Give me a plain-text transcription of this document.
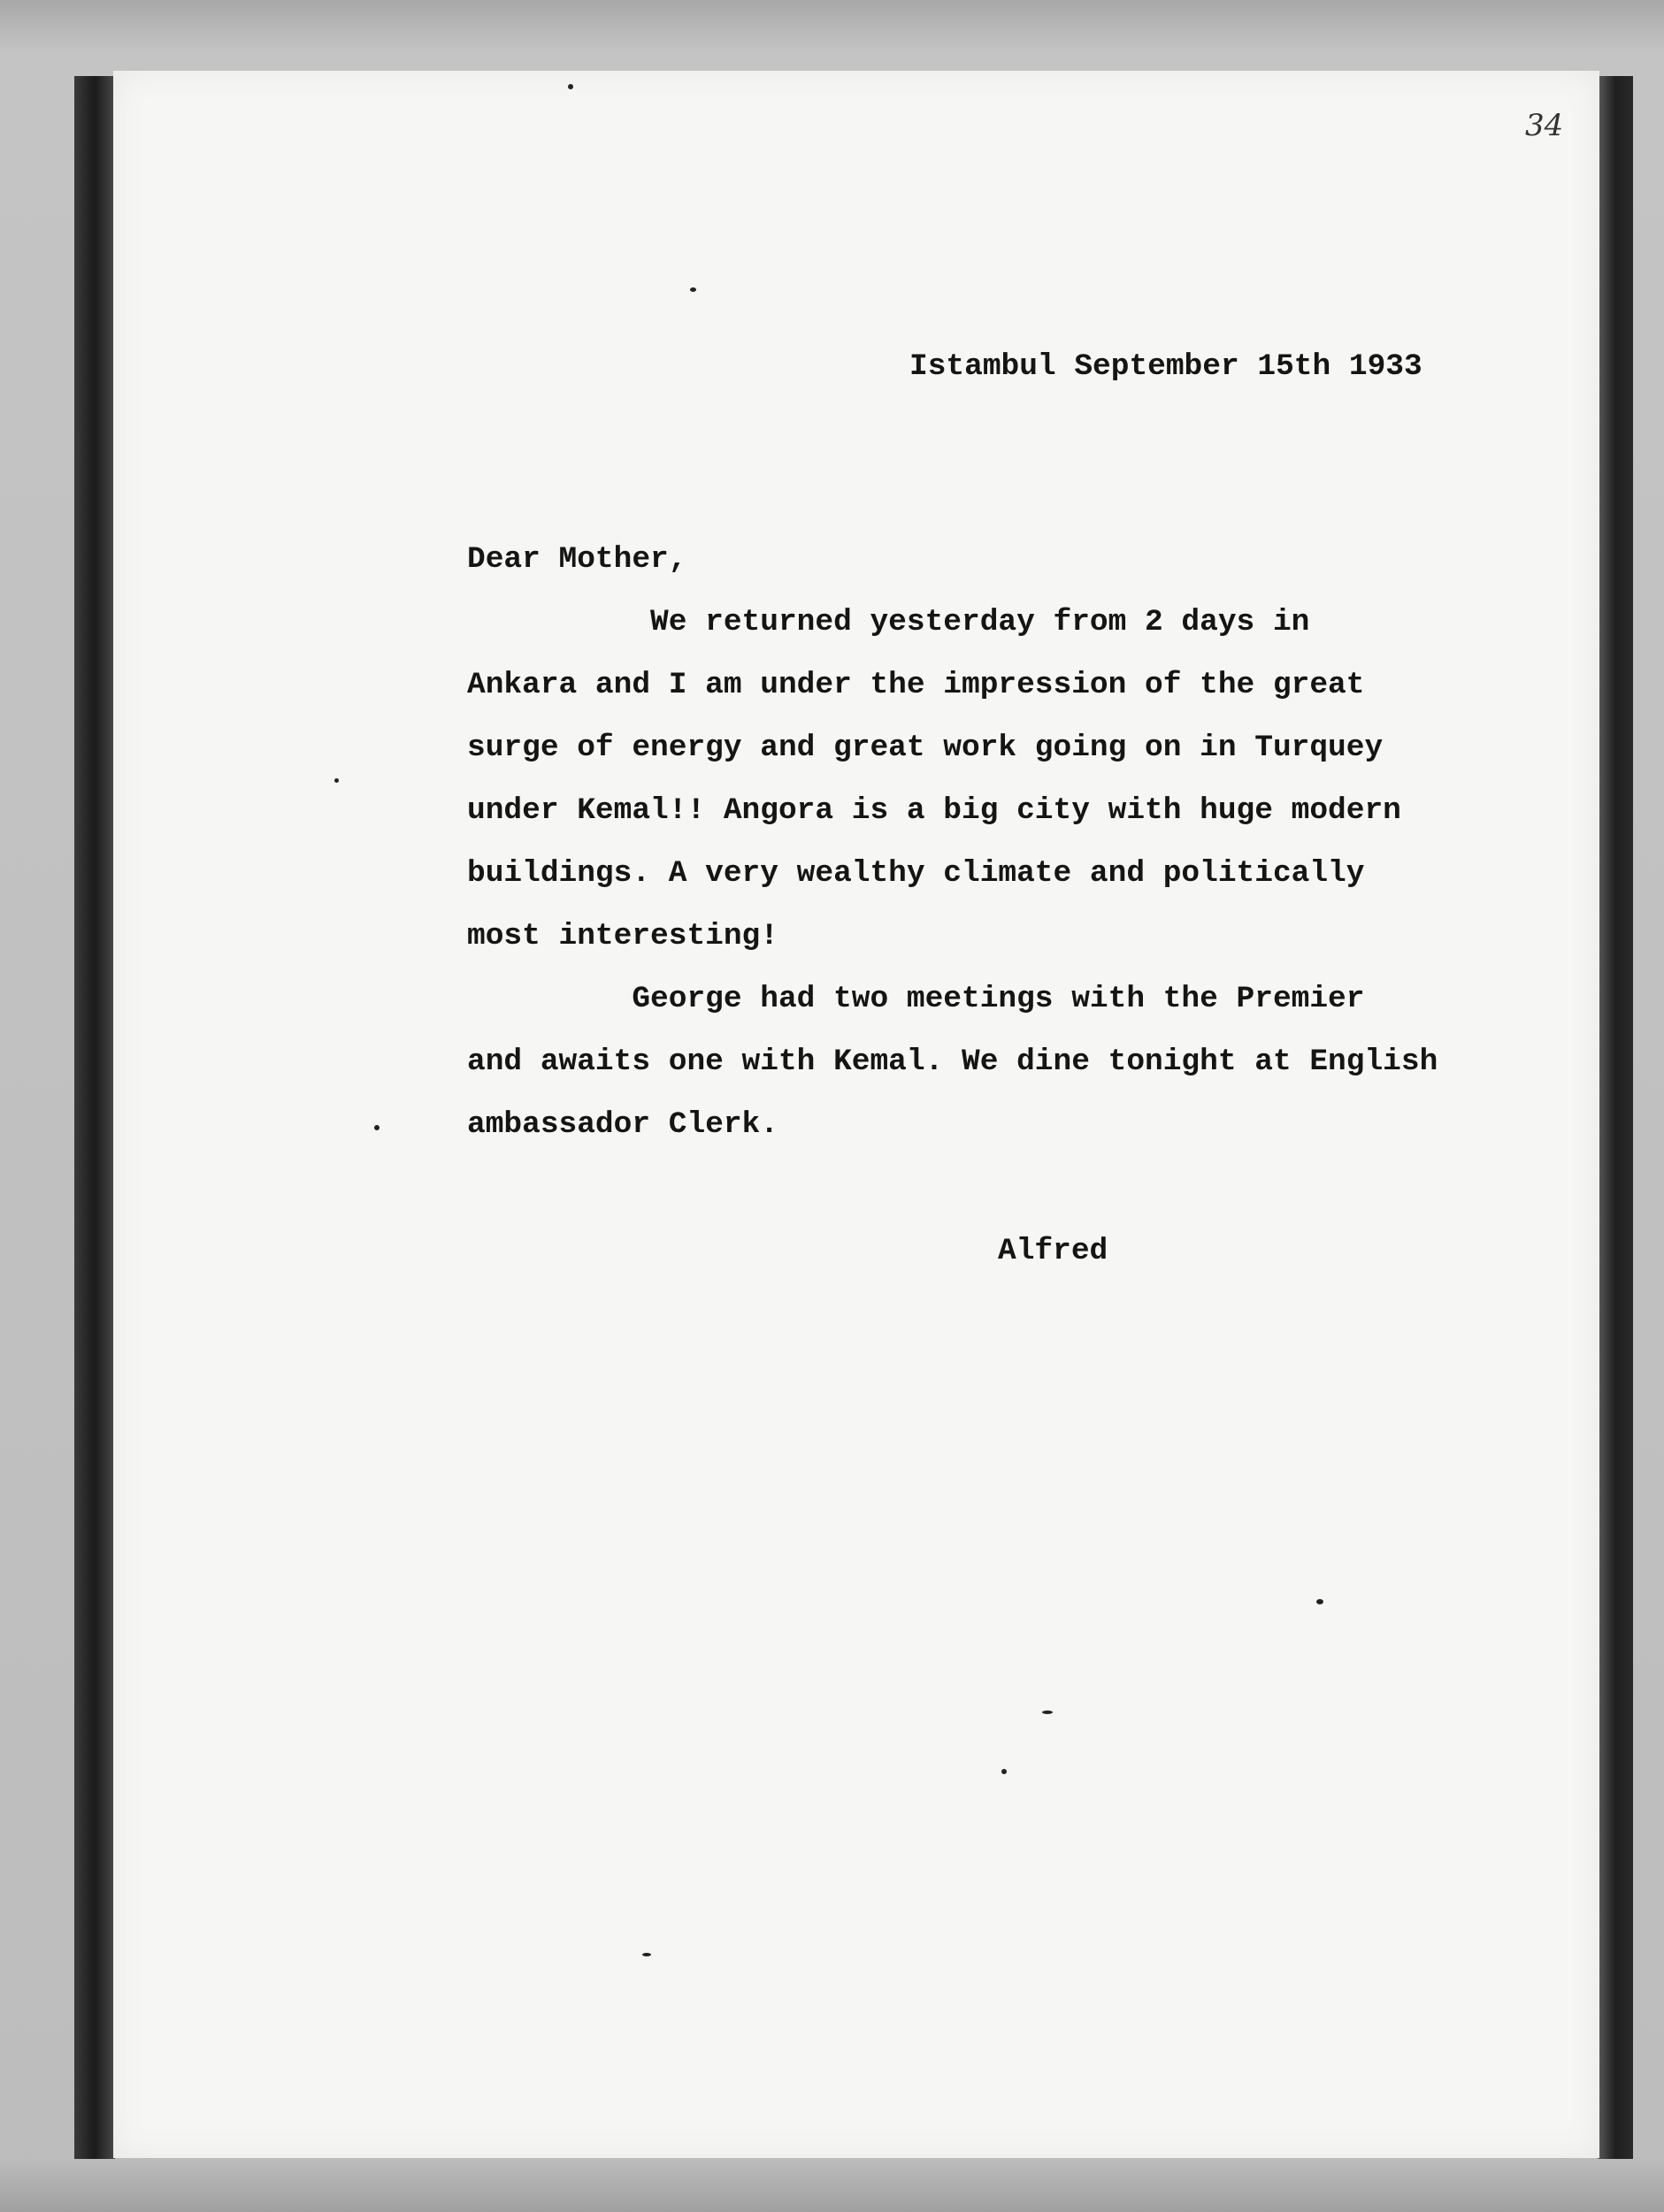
34
Istambul September 15th 1933
Dear Mother,
We returned yesterday from 2 days in
Ankara and I am under the impression of the great
surge of energy and great work going on in Turquey
under Kemal!! Angora is a big city with huge modern
buildings. A very wealthy climate and politically
most interesting!
George had two meetings with the Premier
and awaits one with Kemal. We dine tonight at English
ambassador Clerk.
Alfred
